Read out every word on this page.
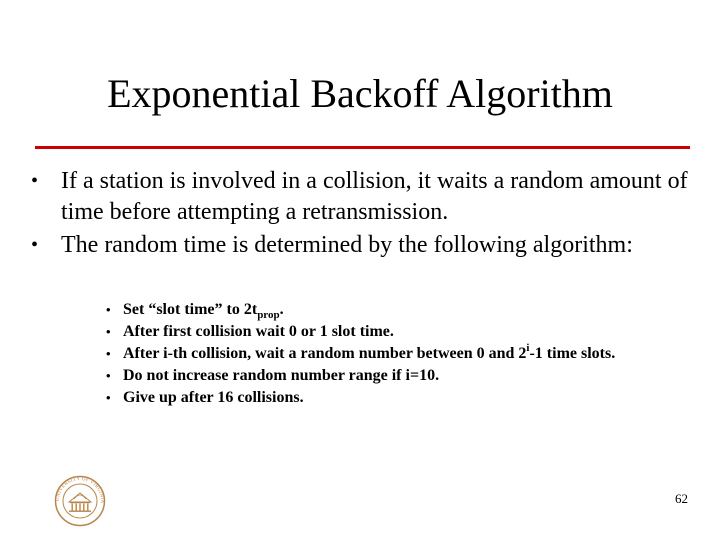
Exponential Backoff Algorithm
• If a station is involved in a collision, it waits a random amount of time before attempting a retransmission.
• The random time is determined by the following algorithm:
• Set “slot time” to $2t_{prop}$.
• After first collision wait 0 or 1 slot time.
• After i-th collision, wait a random number between 0 and 2$^i$-1 time slots.
• Do not increase random number range if i=10.
• Give up after 16 collisions.
UNIVERSITY OF VIRGINIA	62
